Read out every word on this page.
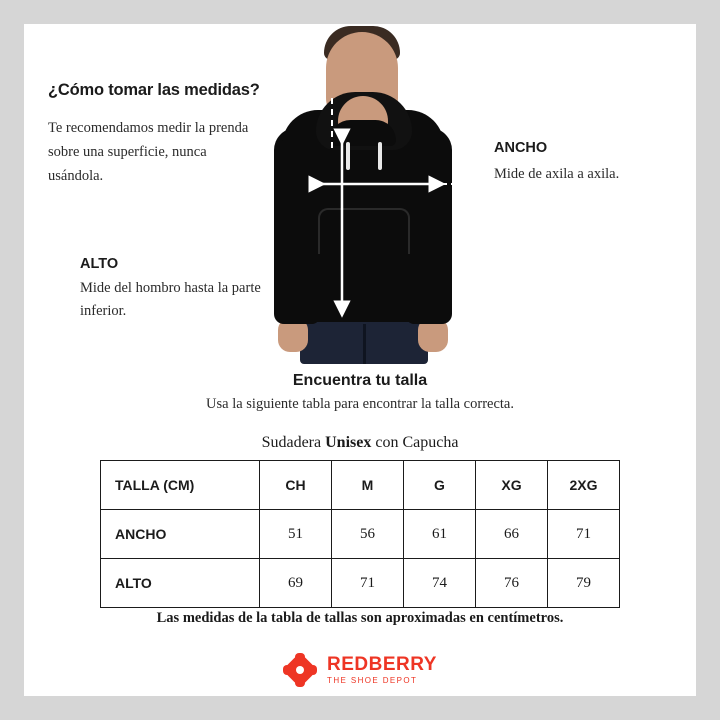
¿Cómo tomar las medidas?
Te recomendamos medir la prenda sobre una superficie, nunca usándola.
ALTO
Mide del hombro hasta la parte inferior.
ANCHO
Mide de axila a axila.
Encuentra tu talla
Usa la siguiente tabla para encontrar la talla correcta.
Sudadera Unisex con Capucha
TALLA (CM)	CH	M	G	XG	2XG
ANCHO	51	56	61	66	71
ALTO	69	71	74	76	79
Las medidas de la tabla de tallas son aproximadas en centímetros.
REDBERRY
THE SHOE DEPOT
